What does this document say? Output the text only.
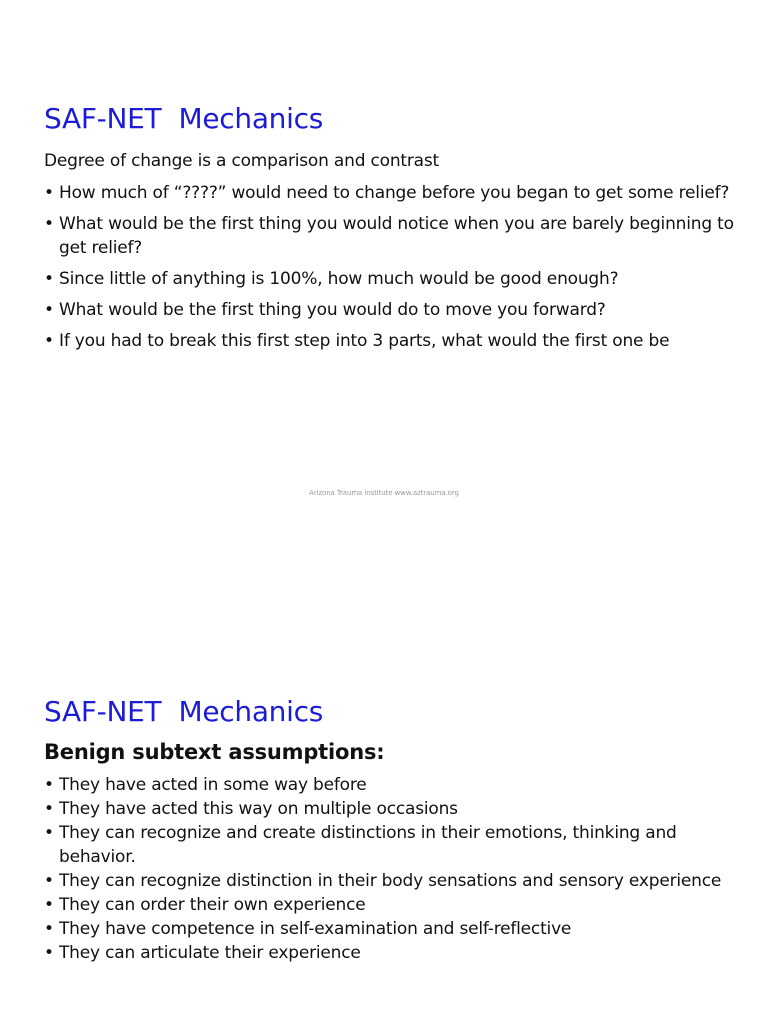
SAF-NET  Mechanics

Degree of change is a comparison and contrast

• How much of “????” would need to change before you began to get some relief?
• What would be the first thing you would notice when you are barely beginning to get relief?
• Since little of anything is 100%, how much would be good enough?
• What would be the first thing you would do to move you forward?
• If you had to break this first step into 3 parts, what would the first one be
Arizona Trauma institute www.aztrauma.org
SAF-NET  Mechanics
Benign subtext assumptions:
• They have acted in some way before
• They have acted this way on multiple occasions
• They can recognize and create distinctions in their emotions, thinking and behavior.
• They can recognize distinction in their body sensations and sensory experience
• They can order their own experience
• They have competence in self-examination and self-reflective
• They can articulate their experience
